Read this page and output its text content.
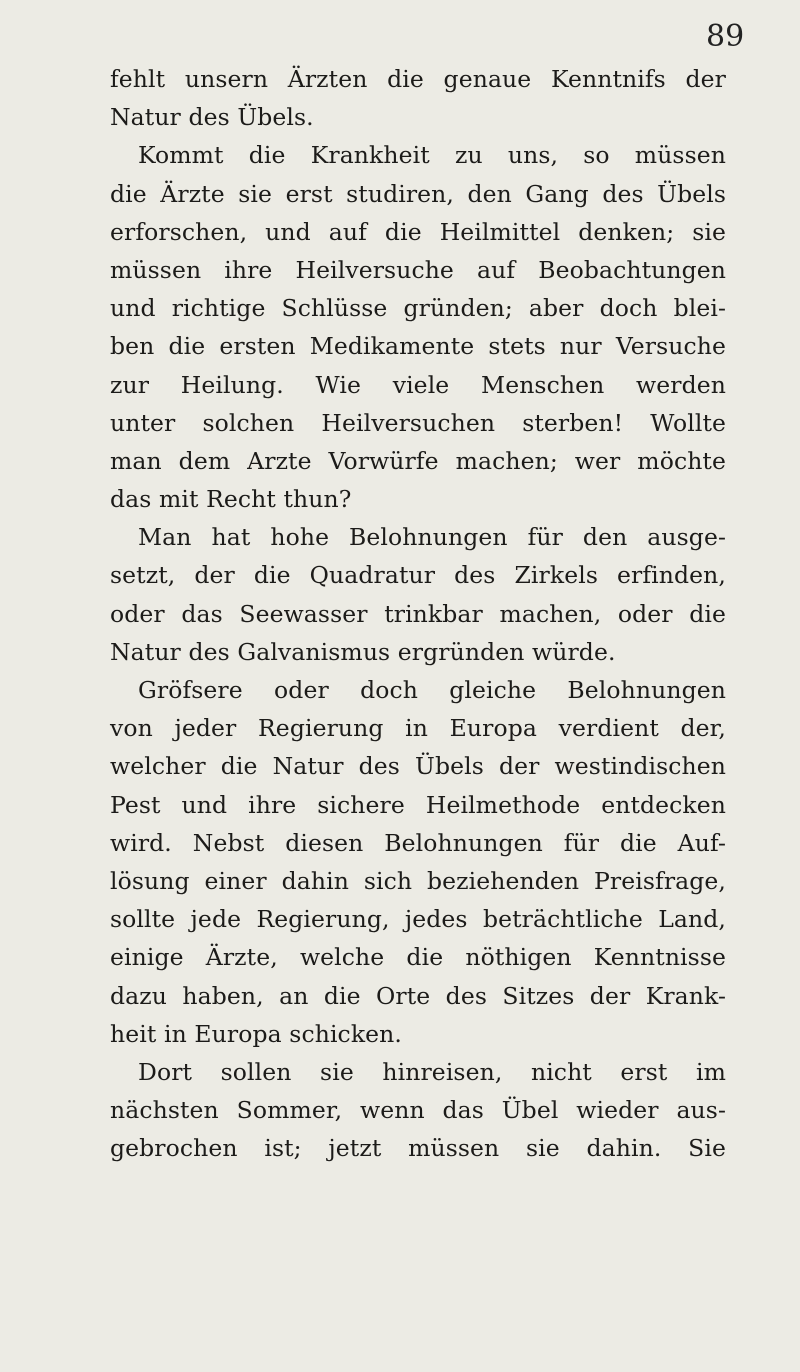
89
fehlt unsern Ärzten die genaue Kenntnifs der
Natur des Übels.
Kommt die Krankheit zu uns, so müssen
die Ärzte sie erst studiren, den Gang des Übels
erforschen, und auf die Heilmittel denken; sie
müssen ihre Heilversuche auf Beobachtungen
und richtige Schlüsse gründen; aber doch blei-
ben die ersten Medikamente stets nur Versuche
zur Heilung. Wie viele Menschen werden
unter solchen Heilversuchen sterben! Wollte
man dem Arzte Vorwürfe machen; wer möchte
das mit Recht thun?
Man hat hohe Belohnungen für den ausge-
setzt, der die Quadratur des Zirkels erfinden,
oder das Seewasser trinkbar machen, oder die
Natur des Galvanismus ergründen würde.
Gröfsere oder doch gleiche Belohnungen
von jeder Regierung in Europa verdient der,
welcher die Natur des Übels der westindischen
Pest und ihre sichere Heilmethode entdecken
wird. Nebst diesen Belohnungen für die Auf-
lösung einer dahin sich beziehenden Preisfrage,
sollte jede Regierung, jedes beträchtliche Land,
einige Ärzte, welche die nöthigen Kenntnisse
dazu haben, an die Orte des Sitzes der Krank-
heit in Europa schicken.
Dort sollen sie hinreisen, nicht erst im
nächsten Sommer, wenn das Übel wieder aus-
gebrochen ist; jetzt müssen sie dahin. Sie
